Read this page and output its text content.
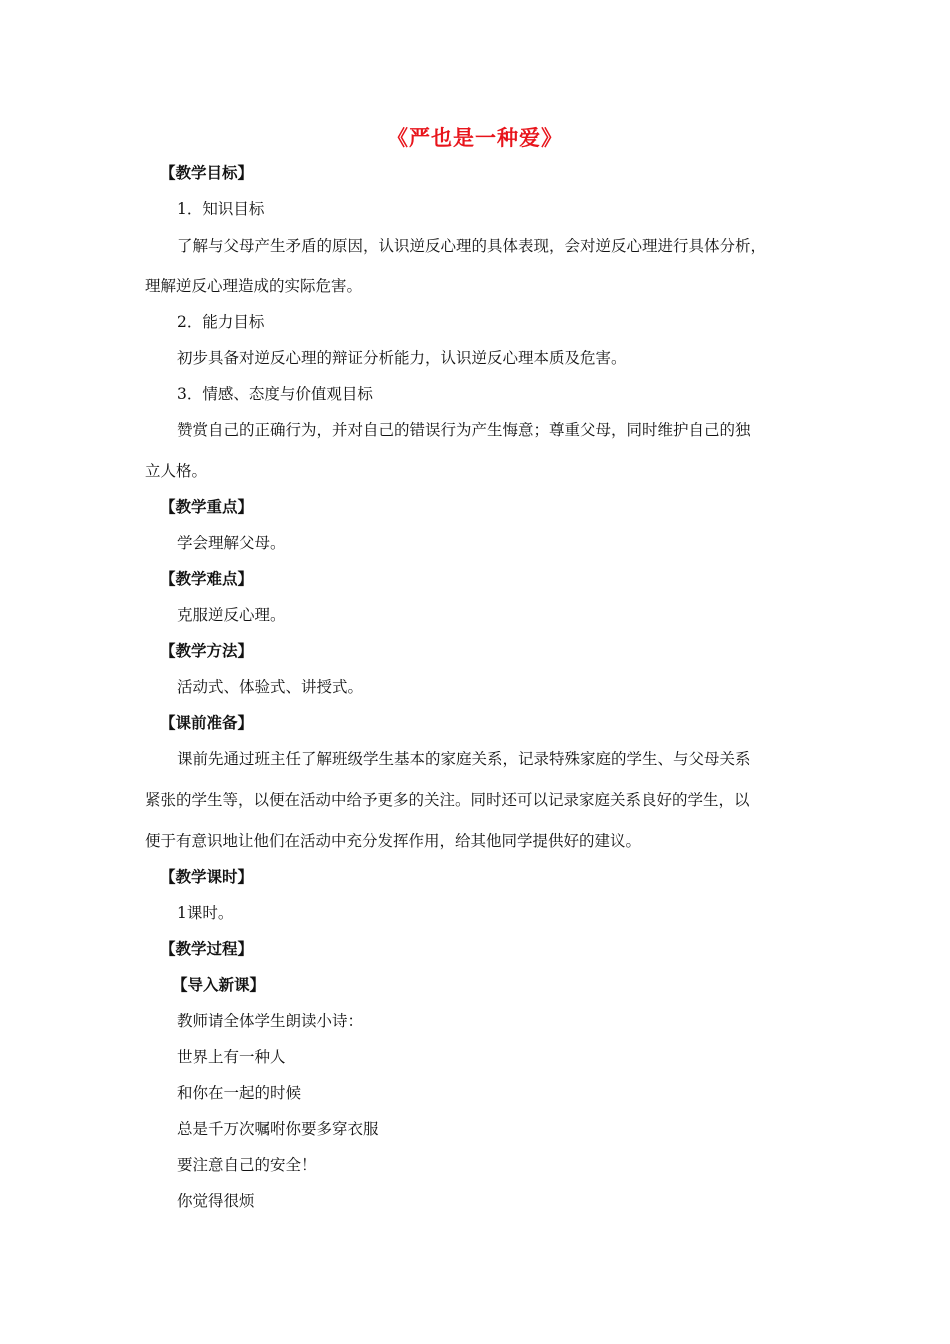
《严也是一种爱》
【教学目标】
1．知识目标
了解与父母产生矛盾的原因，认识逆反心理的具体表现，会对逆反心理进行具体分析，
理解逆反心理造成的实际危害。
2．能力目标
初步具备对逆反心理的辩证分析能力，认识逆反心理本质及危害。
3．情感、态度与价值观目标
赞赏自己的正确行为，并对自己的错误行为产生悔意；尊重父母，同时维护自己的独
立人格。
【教学重点】
学会理解父母。
【教学难点】
克服逆反心理。
【教学方法】
活动式、体验式、讲授式。
【课前准备】
课前先通过班主任了解班级学生基本的家庭关系，记录特殊家庭的学生、与父母关系
紧张的学生等，以便在活动中给予更多的关注。同时还可以记录家庭关系良好的学生，以
便于有意识地让他们在活动中充分发挥作用，给其他同学提供好的建议。
【教学课时】
1课时。
【教学过程】
【导入新课】
教师请全体学生朗读小诗：
世界上有一种人
和你在一起的时候
总是千万次嘱咐你要多穿衣服
要注意自己的安全！
你觉得很烦
